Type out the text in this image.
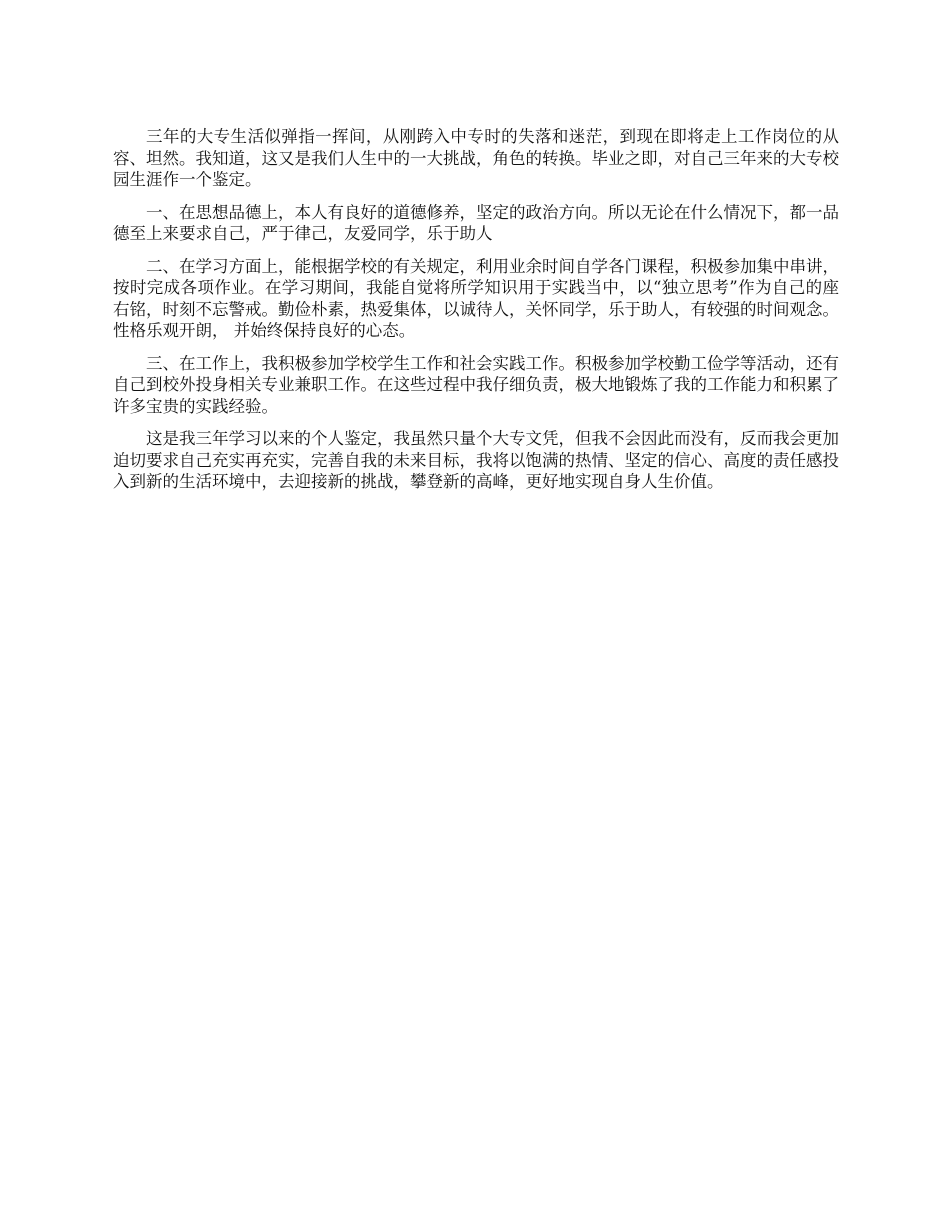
三年的大专生活似弹指一挥间，从刚跨入中专时的失落和迷茫，到现在即将走上工作岗位的从容、坦然。我知道，这又是我们人生中的一大挑战，角色的转换。毕业之即，对自己三年来的大专校园生涯作一个鉴定。

一、在思想品德上，本人有良好的道德修养，坚定的政治方向。所以无论在什么情况下，都一品德至上来要求自己，严于律己，友爱同学，乐于助人

二、在学习方面上，能根据学校的有关规定，利用业余时间自学各门课程，积极参加集中串讲，按时完成各项作业。在学习期间，我能自觉将所学知识用于实践当中，以“独立思考”作为自己的座右铭，时刻不忘警戒。勤俭朴素，热爱集体，以诚待人，关怀同学，乐于助人，有较强的时间观念。性格乐观开朗， 并始终保持良好的心态。

三、在工作上，我积极参加学校学生工作和社会实践工作。积极参加学校勤工俭学等活动，还有自己到校外投身相关专业兼职工作。在这些过程中我仔细负责，极大地锻炼了我的工作能力和积累了许多宝贵的实践经验。

这是我三年学习以来的个人鉴定，我虽然只量个大专文凭，但我不会因此而没有，反而我会更加迫切要求自己充实再充实，完善自我的未来目标，我将以饱满的热情、坚定的信心、高度的责任感投入到新的生活环境中，去迎接新的挑战，攀登新的高峰，更好地实现自身人生价值。
